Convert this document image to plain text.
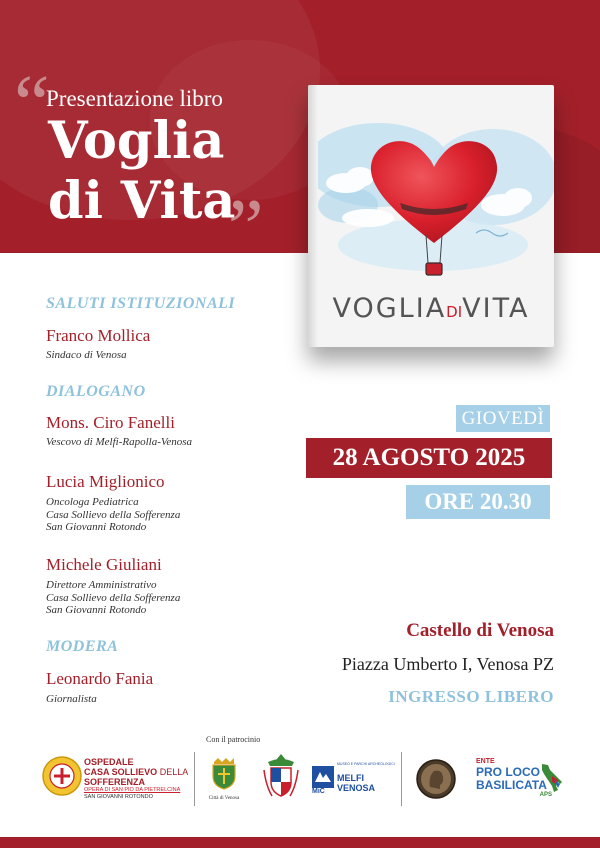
“
Presentazione libro
Voglia
di Vita
”
VOGLIADIVITA
SALUTI ISTITUZIONALI
Franco Mollica
Sindaco di Venosa
DIALOGANO
Mons. Ciro Fanelli
Vescovo di Melfi-Rapolla-Venosa
Lucia Miglionico
Oncologa Pediatrica
Casa Sollievo della Sofferenza
San Giovanni Rotondo
Michele Giuliani
Direttore Amministrativo
Casa Sollievo della Sofferenza
San Giovanni Rotondo
MODERA
Leonardo Fania
Giornalista
GIOVEDÌ
28 AGOSTO 2025
ORE 20.30
Castello di Venosa
Piazza Umberto I, Venosa PZ
INGRESSO LIBERO
Con il patrocinio
OSPEDALE
CASA SOLLIEVO DELLA
SOFFERENZA
OPERA DI SAN PIO DA PIETRELCINA
SAN GIOVANNI ROTONDO	Città di Venosa
MiC
MUSEO E PARCHI ARCHEOLOGICI
MELFI
VENOSA
ENTE
PRO LOCO
BASILICATA
APS
